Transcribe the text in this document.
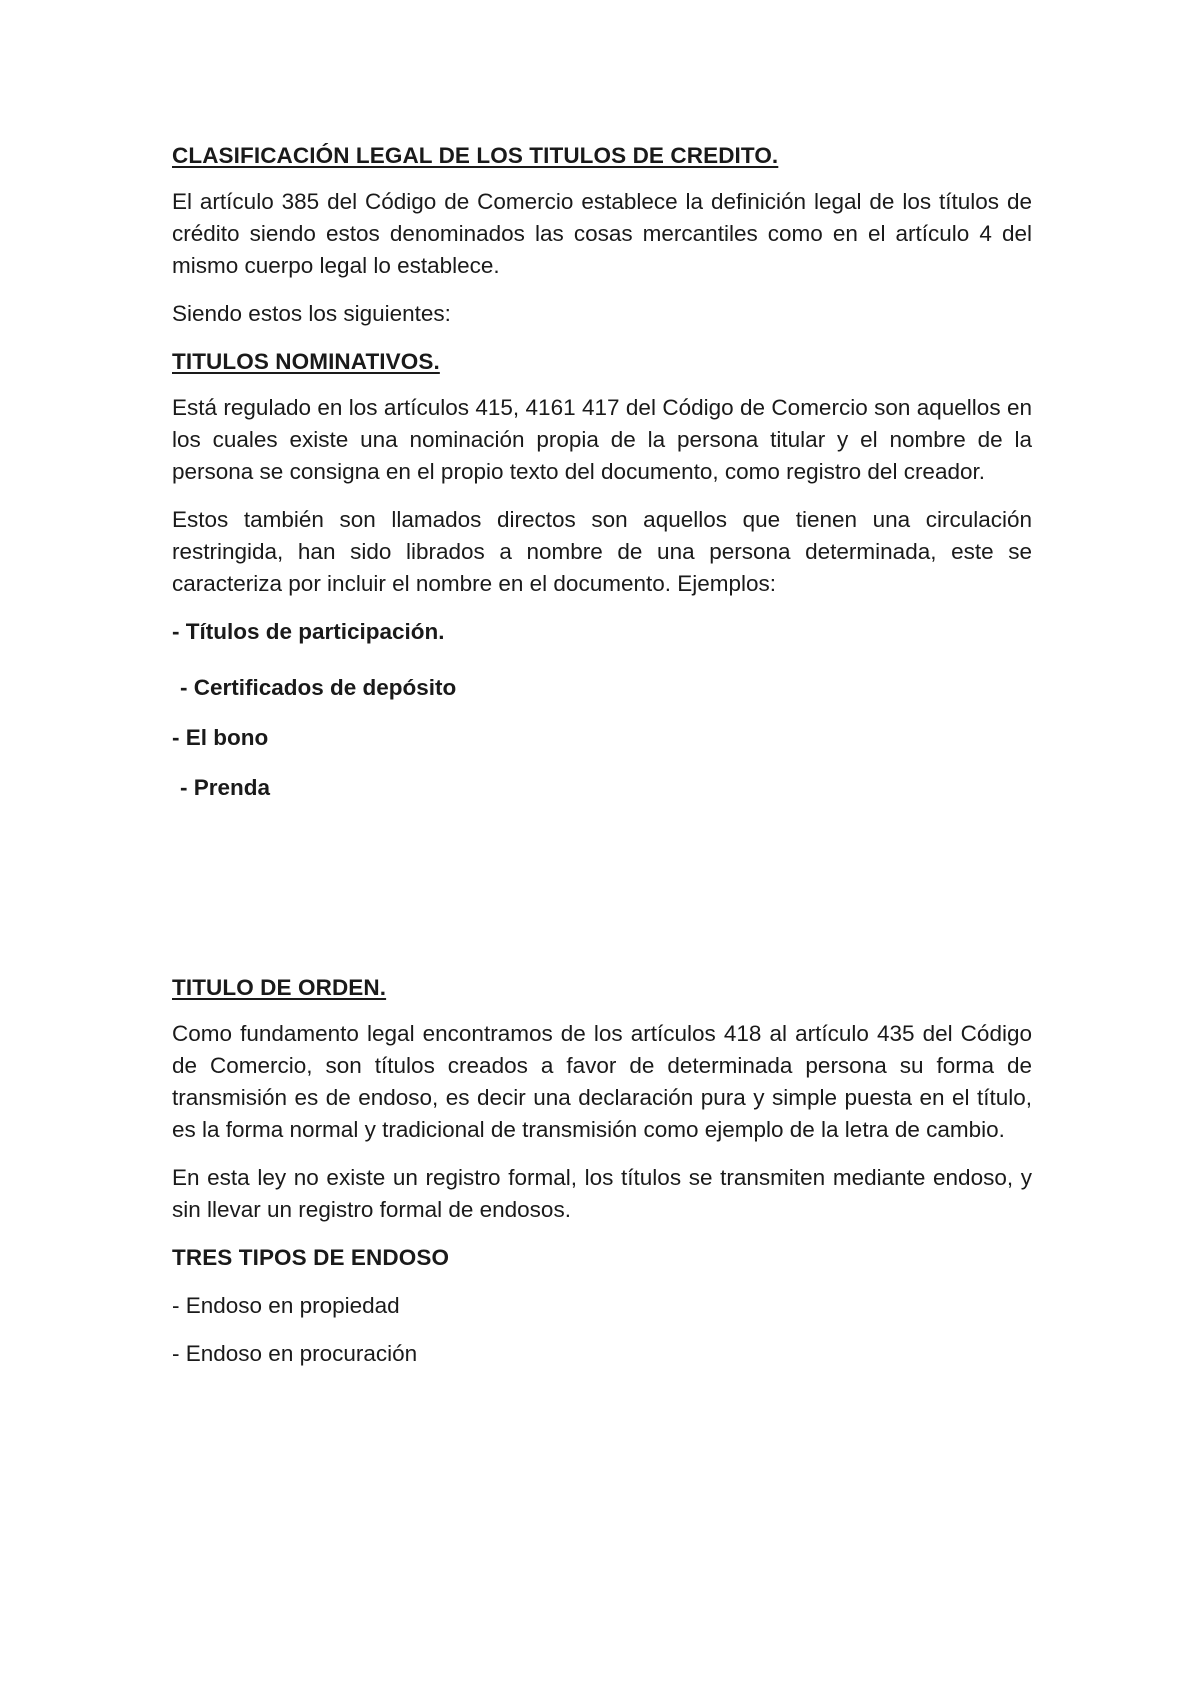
CLASIFICACIÓN LEGAL DE LOS TITULOS DE CREDITO.

El artículo 385 del Código de Comercio establece la definición legal de los títulos de crédito siendo estos denominados las cosas mercantiles como en el artículo 4 del mismo cuerpo legal lo establece.

Siendo estos los siguientes:

TITULOS NOMINATIVOS.

Está regulado en los artículos 415, 4161 417 del Código de Comercio son aquellos en los cuales existe una nominación propia de la persona titular y el nombre de la persona se consigna en el propio texto del documento, como registro del creador.

Estos también son llamados directos son aquellos que tienen una circulación restringida, han sido librados a nombre de una persona determinada, este se caracteriza por incluir el nombre en el documento. Ejemplos:

- Títulos de participación.

- Certificados de depósito

- El bono

- Prenda

TITULO DE ORDEN.

Como fundamento legal encontramos de los artículos 418 al artículo 435 del Código de Comercio, son títulos creados a favor de determinada persona su forma de transmisión es de endoso, es decir una declaración pura y simple puesta en el título, es la forma normal y tradicional de transmisión como ejemplo de la letra de cambio.

En esta ley no existe un registro formal, los títulos se transmiten mediante endoso, y sin llevar un registro formal de endosos.

TRES TIPOS DE ENDOSO

- Endoso en propiedad

- Endoso en procuración
